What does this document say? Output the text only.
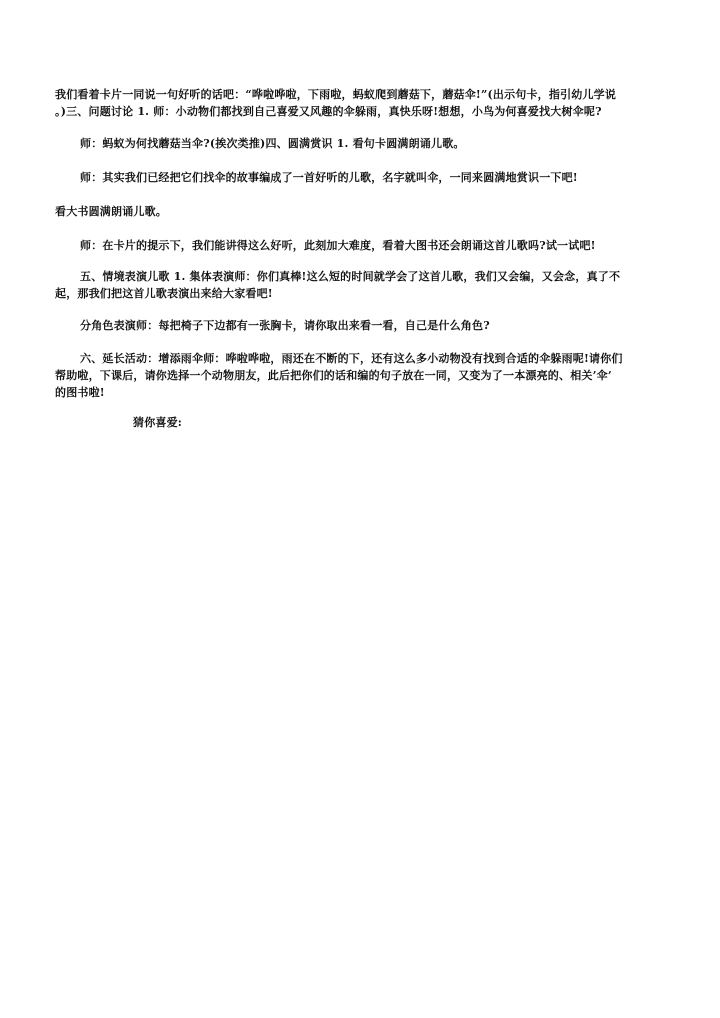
我们看着卡片一同说一句好听的话吧：“哗啦哗啦，下雨啦，蚂蚁爬到蘑菇下，蘑菇伞!”(出示句卡，指引幼儿学说
。)三、问题讨论 1. 师：小动物们都找到自己喜爱又风趣的伞躲雨，真快乐呀!想想，小鸟为何喜爱找大树伞呢?
师：蚂蚁为何找蘑菇当伞?(挨次类推)四、圆满赏识 1. 看句卡圆满朗诵儿歌。
师：其实我们已经把它们找伞的故事编成了一首好听的儿歌，名字就叫伞，一同来圆满地赏识一下吧!
看大书圆满朗诵儿歌。
师：在卡片的提示下，我们能讲得这么好听，此刻加大难度，看着大图书还会朗诵这首儿歌吗?试一试吧!
五、情境表演儿歌 1. 集体表演师：你们真棒!这么短的时间就学会了这首儿歌，我们又会编，又会念，真了不
起，那我们把这首儿歌表演出来给大家看吧!
分角色表演师：每把椅子下边都有一张胸卡，请你取出来看一看，自己是什么角色?
六、延长活动：增添雨伞师：哗啦哗啦，雨还在不断的下，还有这么多小动物没有找到合适的伞躲雨呢!请你们
帮助啦，下课后，请你选择一个动物朋友，此后把你们的话和编的句子放在一同，又变为了一本漂亮的、相关’伞’
的图书啦!
猜你喜爱:
